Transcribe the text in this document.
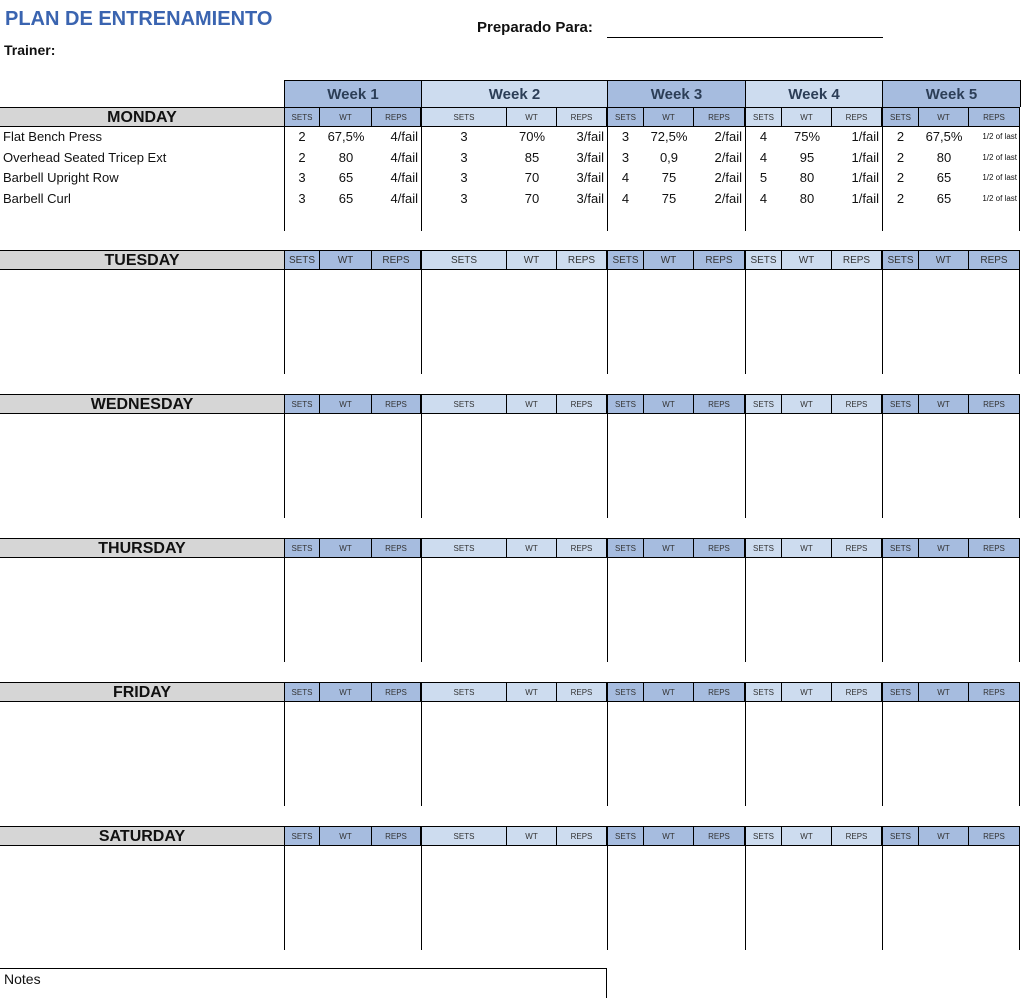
PLAN DE ENTRENAMIENTO
Trainer:
Preparado Para:
Week 1	Week 2	Week 3	Week 4	Week 5
MONDAY	SETS	WT	REPS	SETS	WT	REPS	SETS	WT	REPS	SETS	WT	REPS	SETS	WT	REPS
Flat Bench Press	2	67,5%	4/fail	3	70%	3/fail	3	72,5%	2/fail	4	75%	1/fail	2	67,5%	1/2 of last
Overhead Seated Tricep Ext	2	80	4/fail	3	85	3/fail	3	0,9	2/fail	4	95	1/fail	2	80	1/2 of last
Barbell Upright Row	3	65	4/fail	3	70	3/fail	4	75	2/fail	5	80	1/fail	2	65	1/2 of last
Barbell Curl	3	65	4/fail	3	70	3/fail	4	75	2/fail	4	80	1/fail	2	65	1/2 of last
TUESDAY	SETS	WT	REPS	SETS	WT	REPS	SETS	WT	REPS	SETS	WT	REPS	SETS	WT	REPS
WEDNESDAY	SETS	WT	REPS	SETS	WT	REPS	SETS	WT	REPS	SETS	WT	REPS	SETS	WT	REPS
THURSDAY	SETS	WT	REPS	SETS	WT	REPS	SETS	WT	REPS	SETS	WT	REPS	SETS	WT	REPS
FRIDAY	SETS	WT	REPS	SETS	WT	REPS	SETS	WT	REPS	SETS	WT	REPS	SETS	WT	REPS
SATURDAY	SETS	WT	REPS	SETS	WT	REPS	SETS	WT	REPS	SETS	WT	REPS	SETS	WT	REPS
Notes
